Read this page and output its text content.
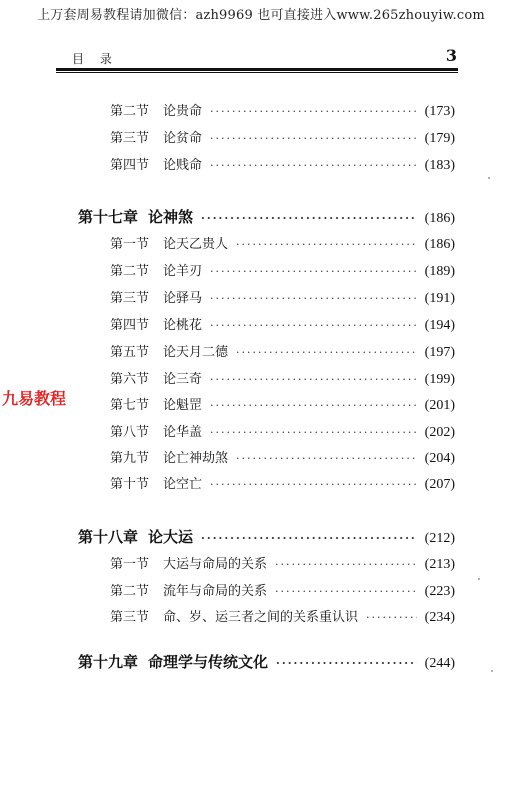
上万套周易教程请加微信：azh9969 也可直接进入www.265zhouyiw.com
目 录	3
第二节 论贵命 ·····	(173)
第三节 论贫命 ·····	(179)
第四节 论贱命 ·····	(183)
第十七章 论神煞 ·····	(186)
第一节 论天乙贵人 ·····	(186)
第二节 论羊刃 ·····	(189)
第三节 论驿马 ·····	(191)
第四节 论桃花 ·····	(194)
第五节 论天月二德 ·····	(197)
第六节 论三奇 ·····	(199)
第七节 论魁罡 ·····	(201)
第八节 论华盖 ·····	(202)
第九节 论亡神劫煞 ·····	(204)
第十节 论空亡 ·····	(207)
第十八章 论大运 ·····	(212)
第一节 大运与命局的关系 ·····	(213)
第二节 流年与命局的关系 ·····	(223)
第三节 命、岁、运三者之间的关系重认识 ·····	(234)
第十九章 命理学与传统文化 ·····	(244)
九易教程
